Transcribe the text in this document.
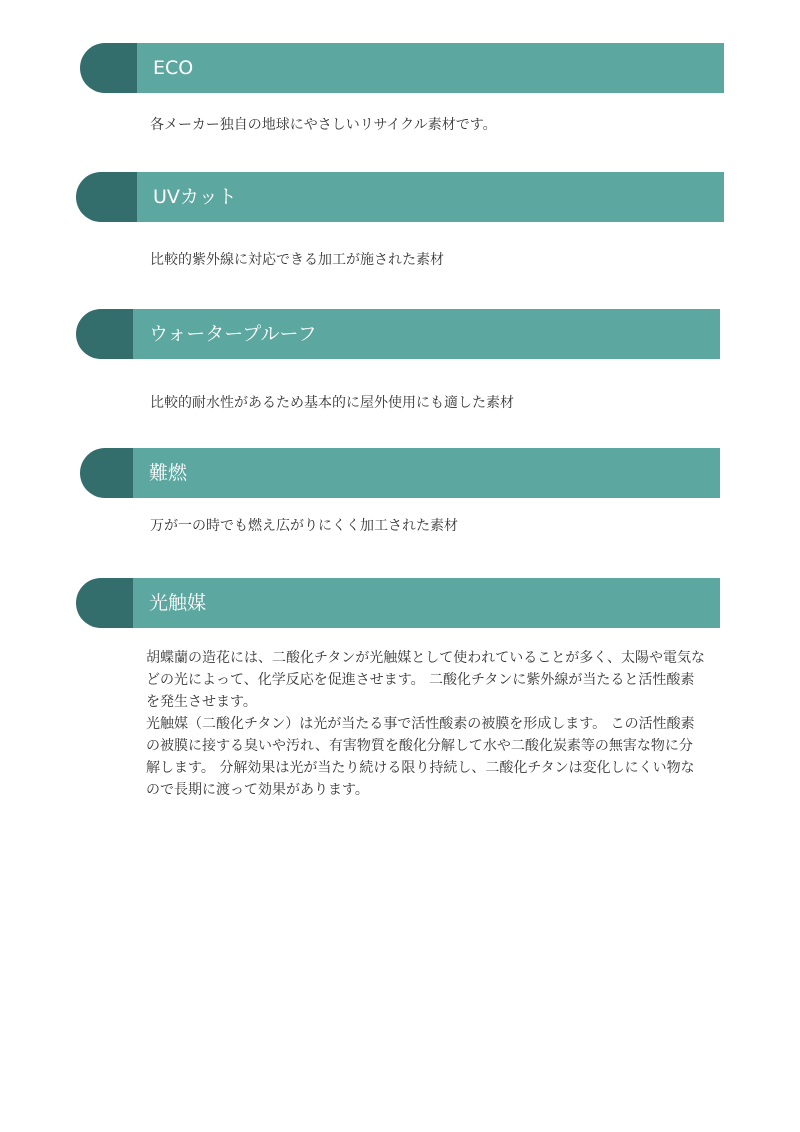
ECO
各メーカー独自の地球にやさしいリサイクル素材です。
UVカット
比較的紫外線に対応できる加工が施された素材
ウォータープルーフ
比較的耐水性があるため基本的に屋外使用にも適した素材
難燃
万が一の時でも燃え広がりにくく加工された素材
光触媒

胡蝶蘭の造花には、二酸化チタンが光触媒として使われていることが多く、太陽や電気などの光によって、化学反応を促進させます。 二酸化チタンに紫外線が当たると活性酸素を発生させます。

光触媒（二酸化チタン）は光が当たる事で活性酸素の被膜を形成します。 この活性酸素の被膜に接する臭いや汚れ、有害物質を酸化分解して水や二酸化炭素等の無害な物に分解します。 分解効果は光が当たり続ける限り持続し、二酸化チタンは変化しにくい物なので長期に渡って効果があります。
